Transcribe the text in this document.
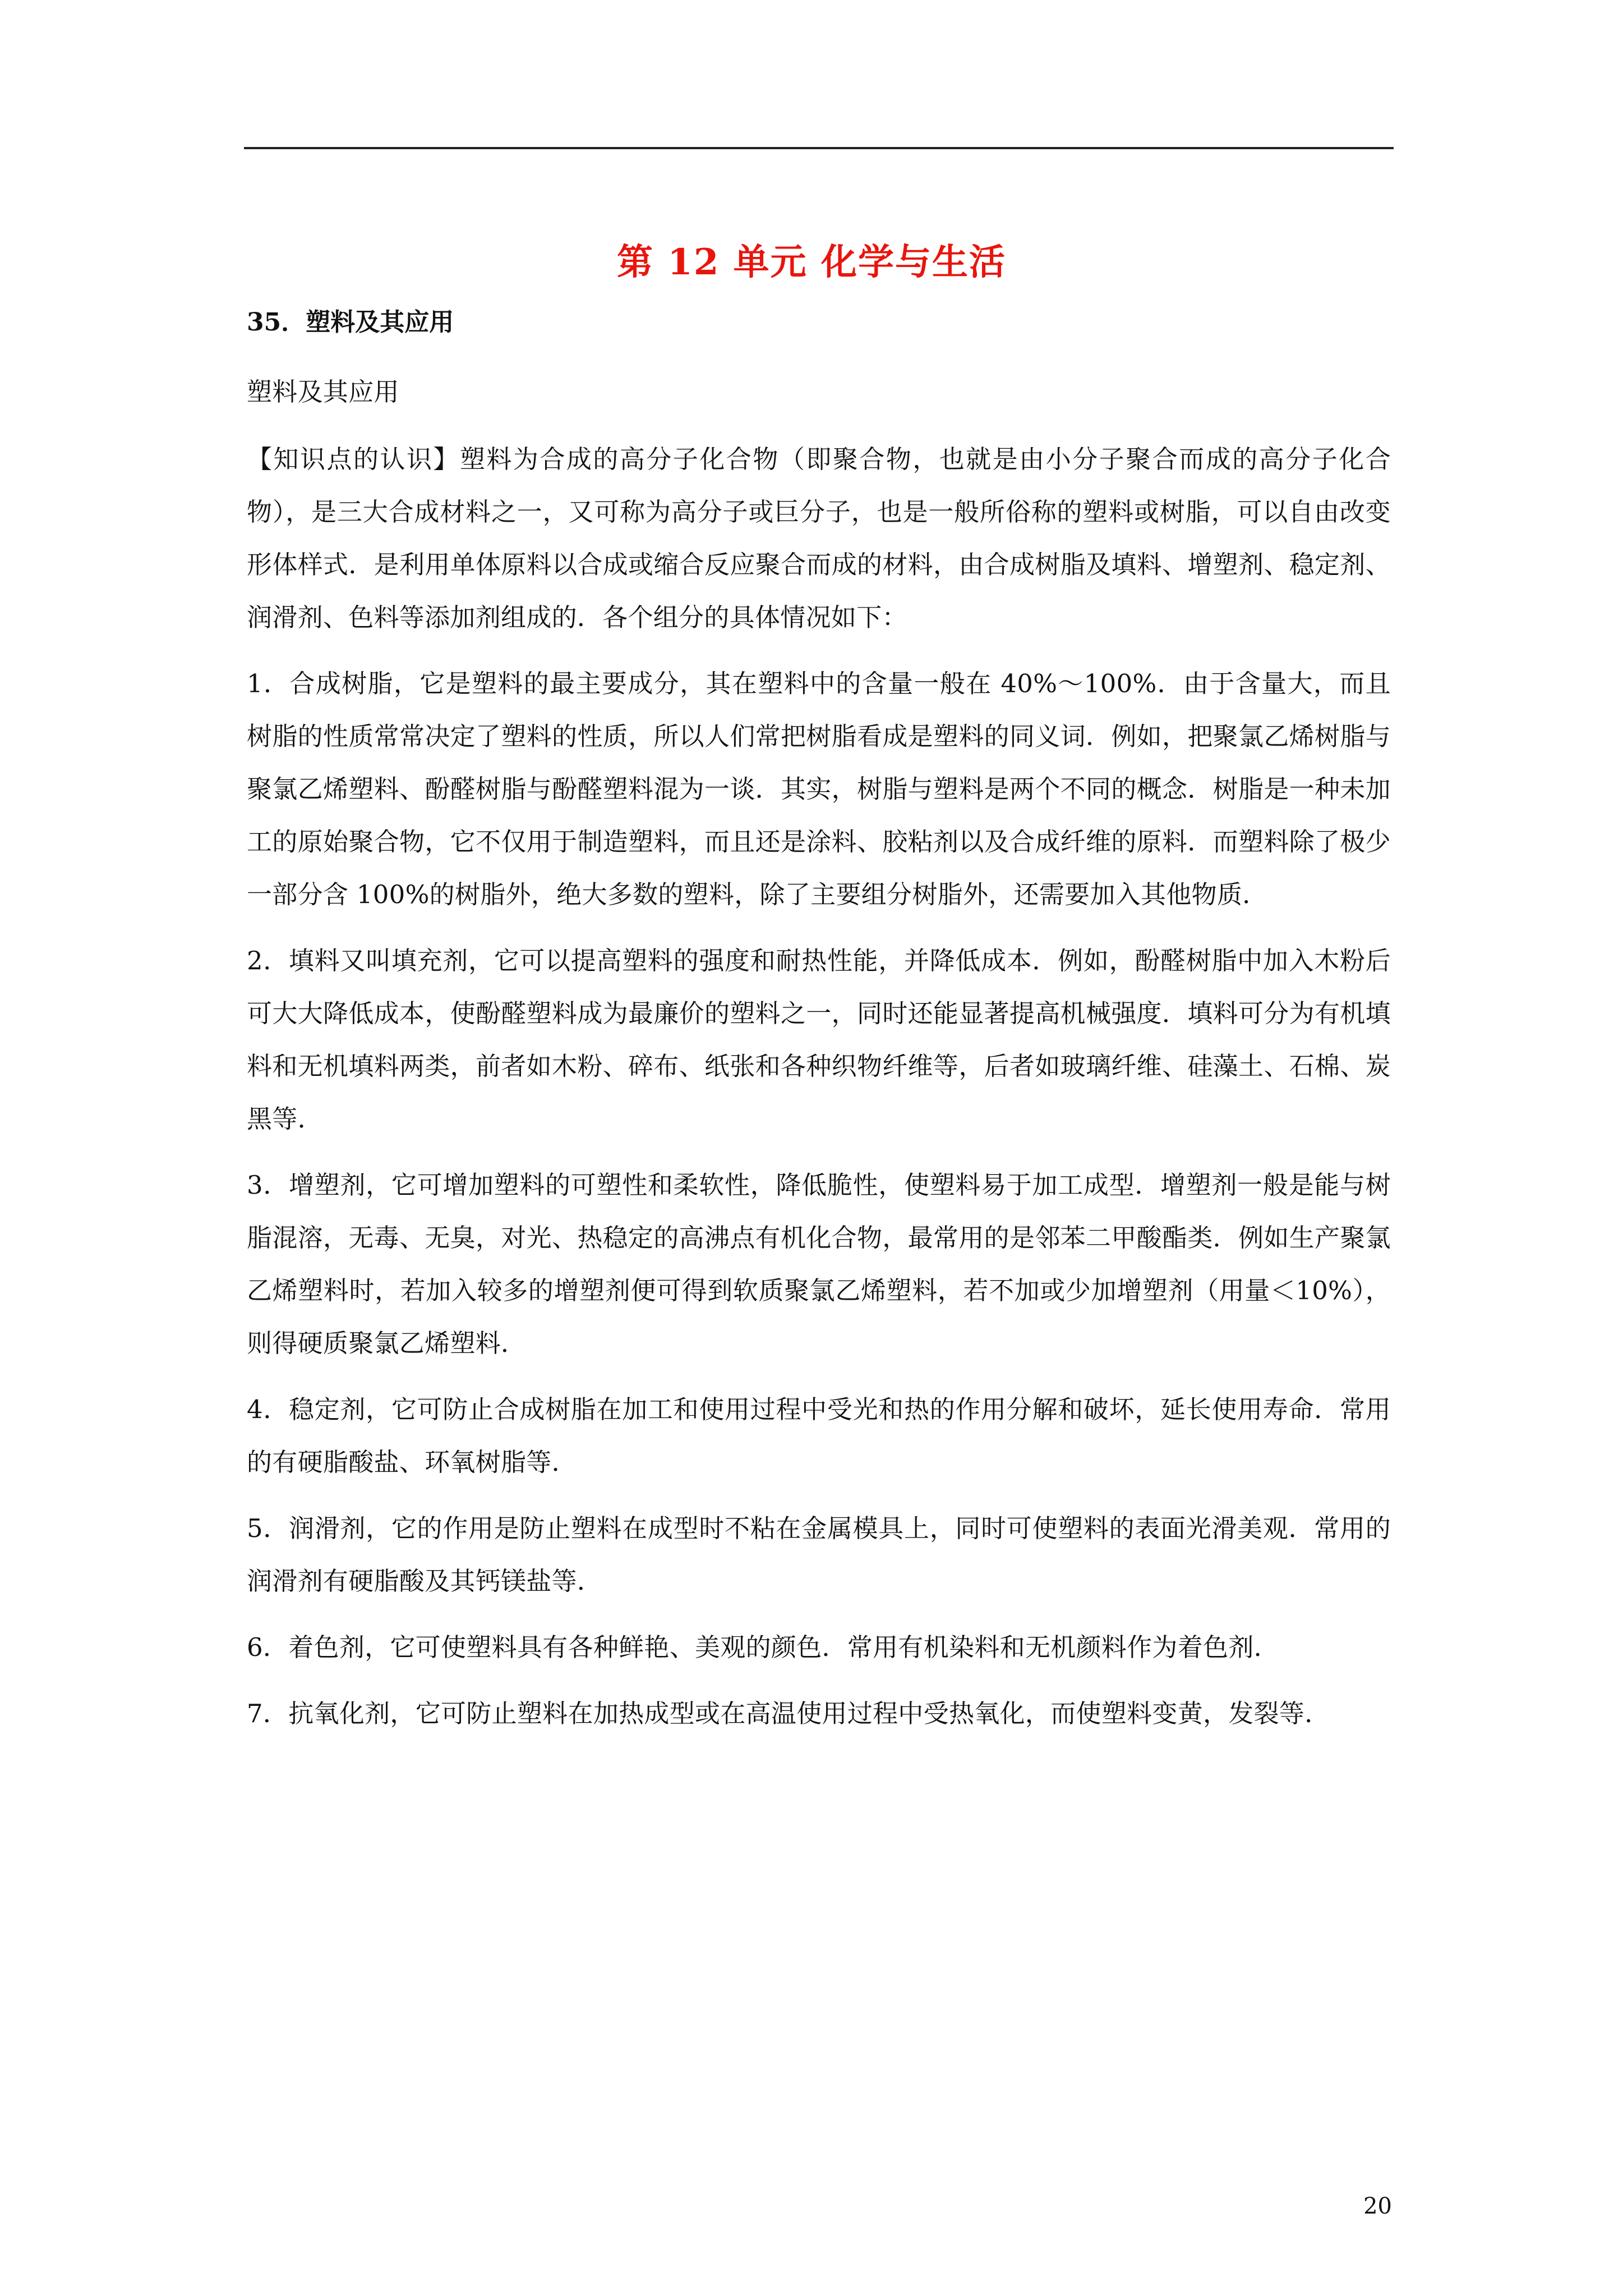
第 12 单元 化学与生活
35．塑料及其应用

塑料及其应用

【知识点的认识】塑料为合成的高分子化合物（即聚合物，也就是由小分子聚合而成的高分子化合物），是三大合成材料之一，又可称为高分子或巨分子，也是一般所俗称的塑料或树脂，可以自由改变形体样式．是利用单体原料以合成或缩合反应聚合而成的材料，由合成树脂及填料、增塑剂、稳定剂、润滑剂、色料等添加剂组成的．各个组分的具体情况如下：

1．合成树脂，它是塑料的最主要成分，其在塑料中的含量一般在 40%～100%．由于含量大，而且树脂的性质常常决定了塑料的性质，所以人们常把树脂看成是塑料的同义词．例如，把聚氯乙烯树脂与聚氯乙烯塑料、酚醛树脂与酚醛塑料混为一谈．其实，树脂与塑料是两个不同的概念．树脂是一种未加工的原始聚合物，它不仅用于制造塑料，而且还是涂料、胶粘剂以及合成纤维的原料．而塑料除了极少一部分含 100%的树脂外，绝大多数的塑料，除了主要组分树脂外，还需要加入其他物质．

2．填料又叫填充剂，它可以提高塑料的强度和耐热性能，并降低成本．例如，酚醛树脂中加入木粉后可大大降低成本，使酚醛塑料成为最廉价的塑料之一，同时还能显著提高机械强度．填料可分为有机填料和无机填料两类，前者如木粉、碎布、纸张和各种织物纤维等，后者如玻璃纤维、硅藻土、石棉、炭黑等．

3．增塑剂，它可增加塑料的可塑性和柔软性，降低脆性，使塑料易于加工成型．增塑剂一般是能与树脂混溶，无毒、无臭，对光、热稳定的高沸点有机化合物，最常用的是邻苯二甲酸酯类．例如生产聚氯乙烯塑料时，若加入较多的增塑剂便可得到软质聚氯乙烯塑料，若不加或少加增塑剂（用量＜10%），则得硬质聚氯乙烯塑料．

4．稳定剂，它可防止合成树脂在加工和使用过程中受光和热的作用分解和破坏，延长使用寿命．常用的有硬脂酸盐、环氧树脂等．

5．润滑剂，它的作用是防止塑料在成型时不粘在金属模具上，同时可使塑料的表面光滑美观．常用的润滑剂有硬脂酸及其钙镁盐等．

6．着色剂，它可使塑料具有各种鲜艳、美观的颜色．常用有机染料和无机颜料作为着色剂．

7．抗氧化剂，它可防止塑料在加热成型或在高温使用过程中受热氧化，而使塑料变黄，发裂等．

20
